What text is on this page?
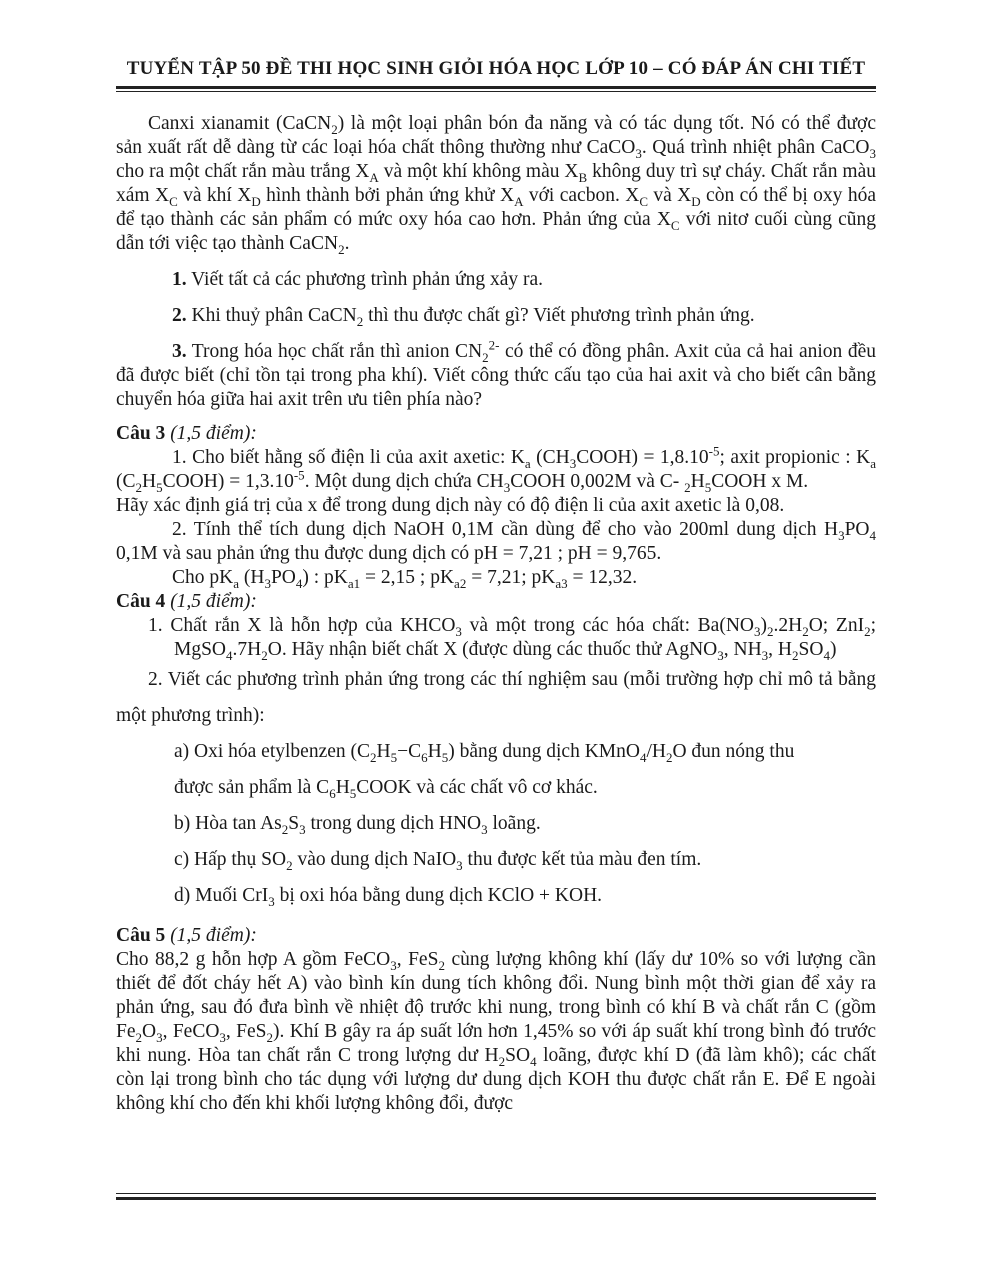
TUYỂN TẬP 50 ĐỀ THI HỌC SINH GIỎI HÓA HỌC LỚP 10 – CÓ ĐÁP ÁN CHI TIẾT

Canxi xianamit (CaCN$_2$) là một loại phân bón đa năng và có tác dụng tốt. Nó có thể được sản xuất rất dễ dàng từ các loại hóa chất thông thường như CaCO$_3$. Quá trình nhiệt phân CaCO$_3$ cho ra một chất rắn màu trắng $X_A$ và một khí không màu $X_B$ không duy trì sự cháy. Chất rắn màu xám $X_C$ và khí $X_D$ hình thành bởi phản ứng khử $X_A$ với cacbon. $X_C$ và $X_D$ còn có thể bị oxy hóa để tạo thành các sản phẩm có mức oxy hóa cao hơn. Phản ứng của $X_C$ với nitơ cuối cùng cũng dẫn tới việc tạo thành CaCN$_2$.

1. Viết tất cả các phương trình phản ứng xảy ra.

2. Khi thuỷ phân CaCN$_2$ thì thu được chất gì? Viết phương trình phản ứng.

3. Trong hóa học chất rắn thì anion $CN_2^{2-}$ có thể có đồng phân. Axit của cả hai anion đều đã được biết (chỉ tồn tại trong pha khí). Viết công thức cấu tạo của hai axit và cho biết cân bằng chuyển hóa giữa hai axit trên ưu tiên phía nào?

Câu 3 (1,5 điểm):

1. Cho biết hằng số điện li của axit axetic: $K_a$ $(CH_3COOH) = 1,8.10^{-5}$; axit propionic : $K_a$ $(C_2H_5COOH) = 1,3.10^{-5}$. Một dung dịch chứa $CH_3COOH$ 0,002M và C- $_2H_5COOH$ x M.

Hãy xác định giá trị của x để trong dung dịch này có độ điện li của axit axetic là 0,08.

2. Tính thể tích dung dịch NaOH 0,1M cần dùng để cho vào 200ml dung dịch $H_3PO_4$ 0,1M và sau phản ứng thu được dung dịch có pH = 7,21 ; pH = 9,765.

Cho $pK_a$ $(H_3PO_4)$ : $pK_{a1} = 2,15$ ; $pK_{a2} = 7,21$; $pK_{a3} = 12,32$.

Câu 4 (1,5 điểm):

1. Chất rắn X là hỗn hợp của $KHCO_3$ và một trong các hóa chất: $Ba(NO_3)_2.2H_2O$; ZnI$_2$; $MgSO_4.7H_2O$. Hãy nhận biết chất X (được dùng các thuốc thử AgNO$_3$, $NH_3$, $H_2SO_4$)

2. Viết các phương trình phản ứng trong các thí nghiệm sau (mỗi trường hợp chỉ mô tả bằng một phương trình):

a) Oxi hóa etylbenzen $(C_2H_5-C_6H_5)$ bằng dung dịch $KMnO_4/H_2O$ đun nóng thu

được sản phẩm là $C_6H_5COOK$ và các chất vô cơ khác.

b) Hòa $\tan As_2S_3$ trong dung dịch $HNO_3$ loãng.

c) Hấp thụ $SO_2$ vào dung dịch NaIO$_3$ thu được kết tủa màu đen tím.

d) Muối CrI$_3$ bị oxi hóa bằng dung dịch KClO + KOH.

Câu 5 (1,5 điểm):

Cho 88,2 g hỗn hợp A gồm FeCO$_3$, FeS$_2$ cùng lượng không khí (lấy dư 10% so với lượng cần thiết để đốt cháy hết A) vào bình kín dung tích không đổi. Nung bình một thời gian để xảy ra phản ứng, sau đó đưa bình về nhiệt độ trước khi nung, trong bình có khí B và chất rắn C (gồm $Fe_2O_3$, FeCO$_3$, FeS$_2$). Khí B gây ra áp suất lớn hơn 1,45% so với áp suất khí trong bình đó trước khi nung. Hòa tan chất rắn C trong lượng dư $H_2SO_4$ loãng, được khí D (đã làm khô); các chất còn lại trong bình cho tác dụng với lượng dư dung dịch KOH thu được chất rắn E. Để E ngoài không khí cho đến khi khối lượng không đổi, được
